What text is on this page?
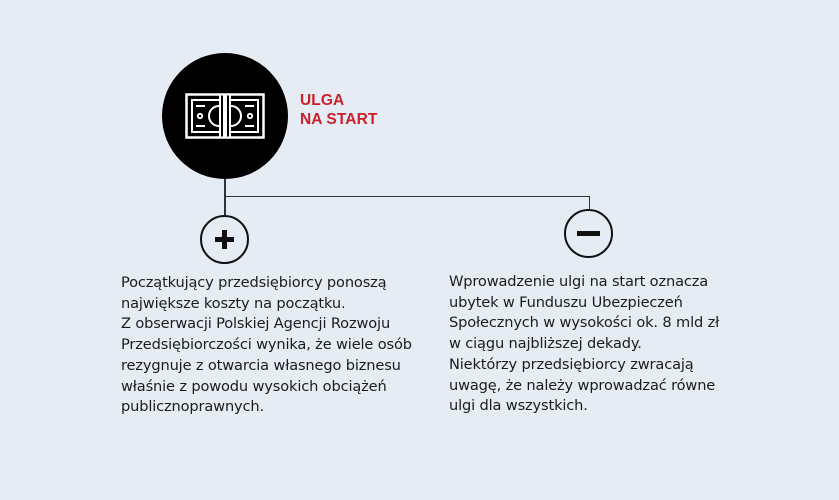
ULGA
NA START
Początkujący przedsiębiorcy ponoszą
największe koszty na początku.
Z obserwacji Polskiej Agencji Rozwoju
Przedsiębiorczości wynika, że wiele osób
rezygnuje z otwarcia własnego biznesu
właśnie z powodu wysokich obciążeń
publicznoprawnych.
Wprowadzenie ulgi na start oznacza
ubytek w Funduszu Ubezpieczeń
Społecznych w wysokości ok. 8 mld zł
w ciągu najbliższej dekady.
Niektórzy przedsiębiorcy zwracają
uwagę, że należy wprowadzać równe
ulgi dla wszystkich.
